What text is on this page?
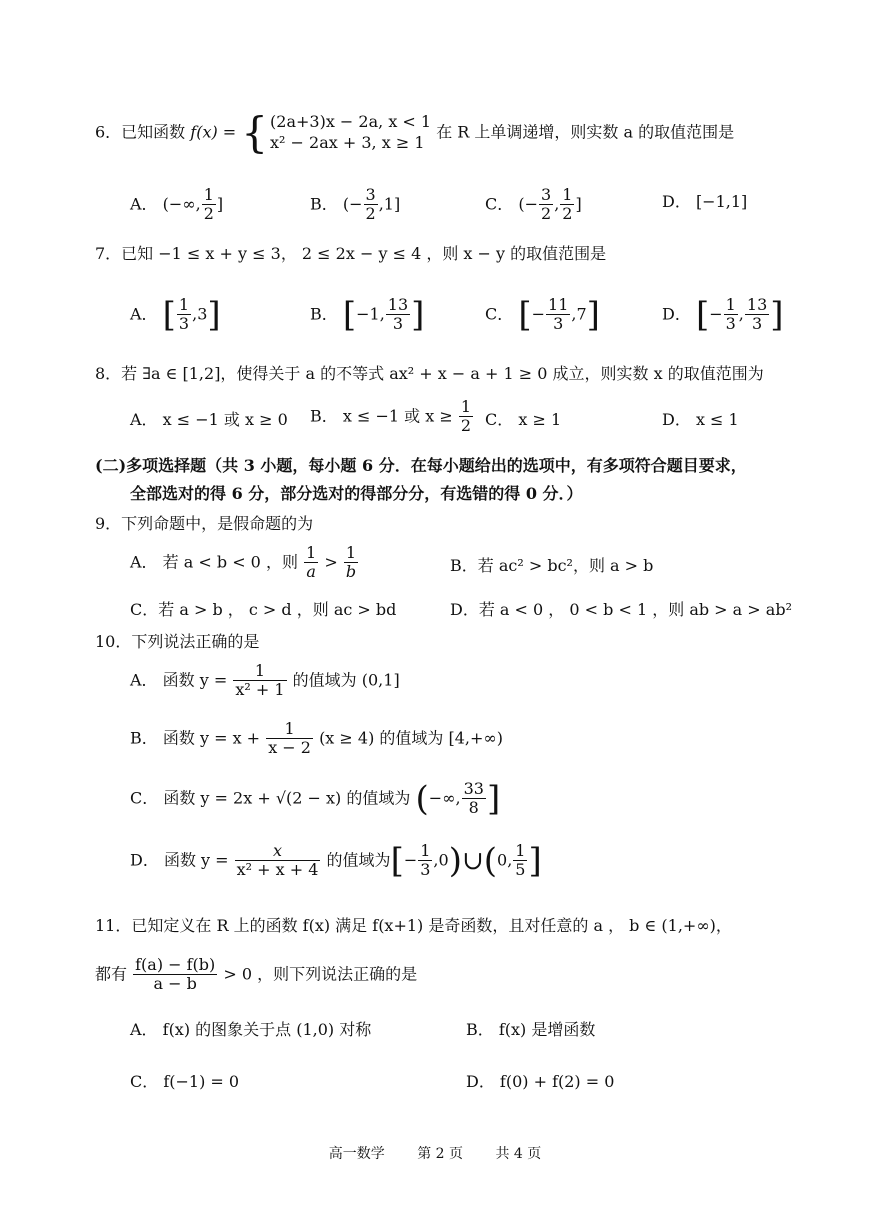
6．已知函数 f(x) = { (2a+3)x − 2a, x < 1
x² − 2ax + 3, x ≥ 1
在 R 上单调递增，则实数 a 的取值范围是
A． (−∞, $\frac{1}{2}$ ]	B． (− $\frac{3}{2} ,1$]	C． (− $\frac{3}{2}$ , $\frac{1}{2}$ ]	D． [−1,1]
7．已知 −1 ≤ x + y ≤ 3， 2 ≤ 2x − y ≤ 4 ，则 x − y 的取值范围是
A． [ $\frac{1}{3} ,3$]	B． [−1, $\frac{13}{3}$ ]	C． [− $\frac{11}{3} ,7$]	D． [− $\frac{1}{3}$ , $\frac{13}{3}$ ]
8．若 ∃a ∈ [1,2]，使得关于 a 的不等式 ax² + x − a + 1 ≥ 0 成立，则实数 x 的取值范围为
A． x ≤ −1 或 x ≥ 0 B． x ≤ −1 或 $x \ge \frac{1}{2}$ C． x ≥ 1	D． x ≤ 1
(二)多项选择题（共 3 小题，每小题 6 分．在每小题给出的选项中，有多项符合题目要求，
全部选对的得 6 分，部分选对的得部分分，有选错的得 0 分．）
9．下列命题中，是假命题的为
A． 若 a < b < 0 ，则 $\frac{1}{a} > \frac{1}{b}$	B．若 ac² > bc²，则 a > b
C．若 a > b ， c > d ，则 ac > bd	D．若 a < 0 ， 0 < b < 1 ，则 ab > a > ab²
10．下列说法正确的是
A． 函数 $y = \frac{1}{\text{x² + 1}}$ 的值域为 (0,1]
B． 函数 $y = x + \frac{1}{x - 2} (x \ge 4)$ 的值域为 [4,+∞)
C． 函数 y = 2x + √(2 − x) 的值域为 (−∞, $\frac{33}{8}$ ]
D． 函数 $y = \frac{x}{\text{x² + x + 4}}$ 的值域为[− $\frac{1}{3}$ ,0)∪(0, $\frac{1}{5}$ ]
11．已知定义在 R 上的函数 f(x) 满足 f(x+1) 是奇函数，且对任意的 a ， b ∈ (1,+∞)，
都有 $\frac{f(a) - f(b)}{a - b} > 0$ ，则下列说法正确的是
A． f(x) 的图象关于点 (1,0) 对称	B． f(x) 是增函数
C． f(−1) = 0	D． f(0) + f(2) = 0
高一数学 第 2 页 共 4 页
